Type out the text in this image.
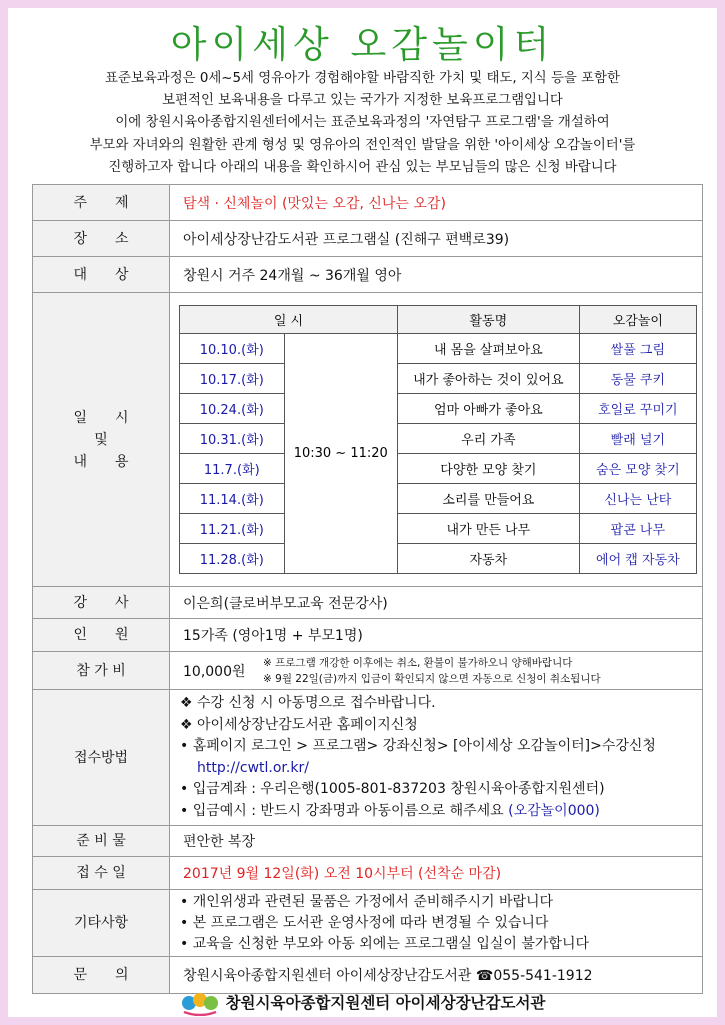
아이세상 오감놀이터
표준보육과정은 0세~5세 영유아가 경험해야할 바람직한 가치 및 태도, 지식 등을 포함한
보편적인 보육내용을 다루고 있는 국가가 지정한 보육프로그램입니다
이에 창원시육아종합지원센터에서는 표준보육과정의 '자연탐구 프로그램'을 개설하여
부모와 자녀와의 원활한 관계 형성 및 영유아의 전인적인 발달을 위한 '아이세상 오감놀이터'를
진행하고자 합니다 아래의 내용을 확인하시어 관심 있는 부모님들의 많은 신청 바랍니다
주　　제	탐색 · 신체놀이 (맛있는 오감, 신나는 오감)
장　　소	아이세상장난감도서관 프로그램실 (진해구 편백로39)
대　　상	창원시 거주 24개월 ~ 36개월 영아
일　　시
및
내　　용
일 시		활동명	오감놀이
10.10.(화)	10:30 ~ 11:20	내 몸을 살펴보아요	쌀풀 그림
10.17.(화)		내가 좋아하는 것이 있어요	동물 쿠키
10.24.(화)		엄마 아빠가 좋아요	호일로 꾸미기
10.31.(화)		우리 가족	빨래 널기
11.7.(화)		다양한 모양 찾기	숨은 모양 찾기
11.14.(화)		소리를 만들어요	신나는 난타
11.21.(화)		내가 만든 나무	팝콘 나무
11.28.(화)		자동차	에어 캡 자동차
강　　사	이은희(클로버부모교육 전문강사)
인　　원	15가족 (영아1명 + 부모1명)
참 가 비	10,000원
※ 프로그램 개강한 이후에는 취소, 환불이 불가하오니 양해바랍니다
※ 9월 22일(금)까지 입금이 확인되지 않으면 자동으로 신청이 취소됩니다
접수방법
❖ 수강 신청 시 아동명으로 접수바랍니다.
❖ 아이세상장난감도서관 홈페이지신청
• 홈페이지 로그인 > 프로그램> 강좌신청> [아이세상 오감놀이터]>수강신청
http://cwtl.or.kr/
• 입금계좌 : 우리은행(1005-801-837203 창원시육아종합지원센터)
• 입금예시 : 반드시 강좌명과 아동이름으로 해주세요 (오감놀이000)
준 비 물	편안한 복장
접 수 일	2017년 9월 12일(화) 오전 10시부터 (선착순 마감)
기타사항
• 개인위생과 관련된 물품은 가정에서 준비해주시기 바랍니다
• 본 프로그램은 도서관 운영사정에 따라 변경될 수 있습니다
• 교육을 신청한 부모와 아동 외에는 프로그램실 입실이 불가합니다
문　　의	창원시육아종합지원센터 아이세상장난감도서관 ☎055-541-1912
창원시육아종합지원센터 아이세상장난감도서관
